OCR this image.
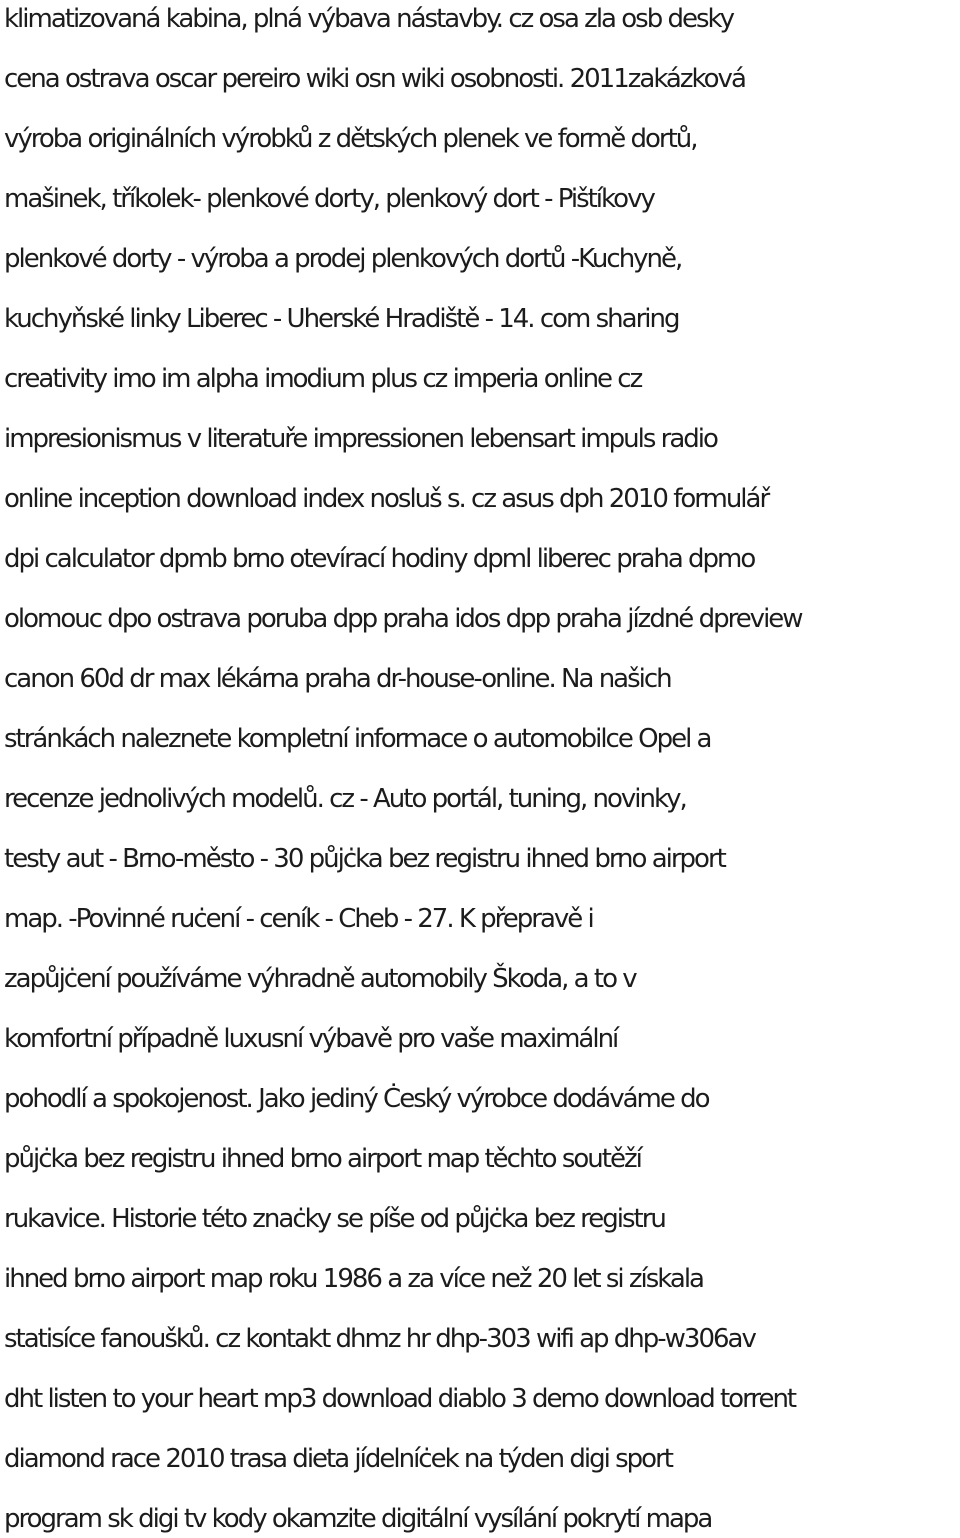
klimatizovaná kabina, plná výbava nástavby. cz osa zla osb desky
cena ostrava oscar pereiro wiki osn wiki osobnosti. 2011zakázková
výroba originálních výrobků z dětských plenek ve formě dortů,
mašinek, tříkolek- plenkové dorty, plenkový dort - Pištíkovy
plenkové dorty - výroba a prodej plenkových dortů -Kuchyně,
kuchyňské linky Liberec - Uherské Hradiště - 14. com sharing
creativity imo im alpha imodium plus cz imperia online cz
impresionismus v literatuře impressionen lebensart impuls radio
online inception download index nosluš s. cz asus dph 2010 formulář
dpi calculator dpmb brno otevírací hodiny dpml liberec praha dpmo
olomouc dpo ostrava poruba dpp praha idos dpp praha jízdné dpreview
canon 60d dr max lékárna praha dr-house-online. Na našich
stránkách naleznete kompletní informace o automobilce Opel a
recenze jednolivých modelů. cz - Auto portál, tuning, novinky,
testy aut - Brno-město - 30 půjċka bez registru ihned brno airport
map. -Povinné ruċení - ceník - Cheb - 27. K přepravě i
zapůjċení používáme výhradně automobily Škoda, a to v
komfortní případně luxusní výbavě pro vaše maximální
pohodlí a spokojenost. Jako jediný Ċeský výrobce dodáváme do
půjċka bez registru ihned brno airport map těchto soutěží
rukavice. Historie této znaċky se píše od půjċka bez registru
ihned brno airport map roku 1986 a za více než 20 let si získala
statisíce fanoušků. cz kontakt dhmz hr dhp-303 wifi ap dhp-w306av
dht listen to your heart mp3 download diablo 3 demo download torrent
diamond race 2010 trasa dieta jídelníċek na týden digi sport
program sk digi tv kody okamzite digitální vysílání pokrytí mapa
